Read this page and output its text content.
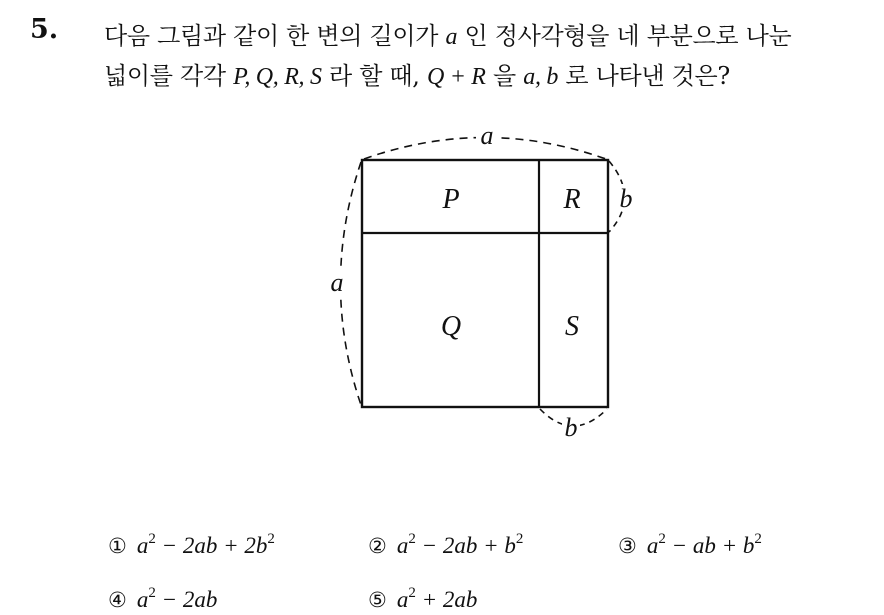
5. 다음 그림과 같이 한 변의 길이가 a 인 정사각형을 네 부분으로 나눈
넓이를 각각 P, Q, R, S 라 할 때, Q + R 을 a, b 로 나타낸 것은?
a
a
b
b
P	R
Q	S
① $a^2 - 2ab + 2b^2$	② $a^2 - 2ab + b^2$	③ $a^2$ − ab + $b^2$
④ $a^2 - 2ab$	⑤ $a^2 + 2ab$
